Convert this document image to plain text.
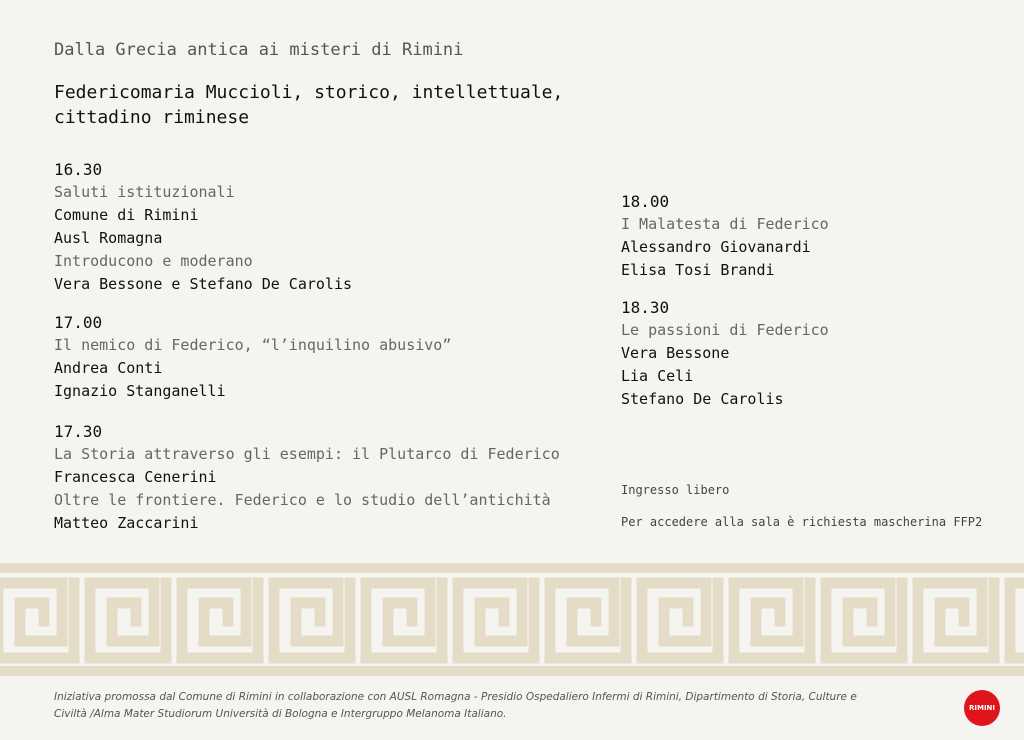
Dalla Grecia antica ai misteri di Rimini
Federicomaria Muccioli, storico, intellettuale,
cittadino riminese
16.30
Saluti istituzionali
Comune di Rimini
Ausl Romagna
Introducono e moderano
Vera Bessone e Stefano De Carolis
17.00
Il nemico di Federico, “l’inquilino abusivo”
Andrea Conti
Ignazio Stanganelli
17.30
La Storia attraverso gli esempi: il Plutarco di Federico
Francesca Cenerini
Oltre le frontiere. Federico e lo studio dell’antichità
Matteo Zaccarini
18.00
I Malatesta di Federico
Alessandro Giovanardi
Elisa Tosi Brandi
18.30
Le passioni di Federico
Vera Bessone
Lia Celi
Stefano De Carolis
Ingresso libero
Per accedere alla sala è richiesta mascherina FFP2
Iniziativa promossa dal Comune di Rimini in collaborazione con AUSL Romagna - Presidio Ospedaliero Infermi di Rimini, Dipartimento di Storia, Culture e
Civiltà /Alma Mater Studiorum Università di Bologna e Intergruppo Melanoma Italiano.	RIMINI
